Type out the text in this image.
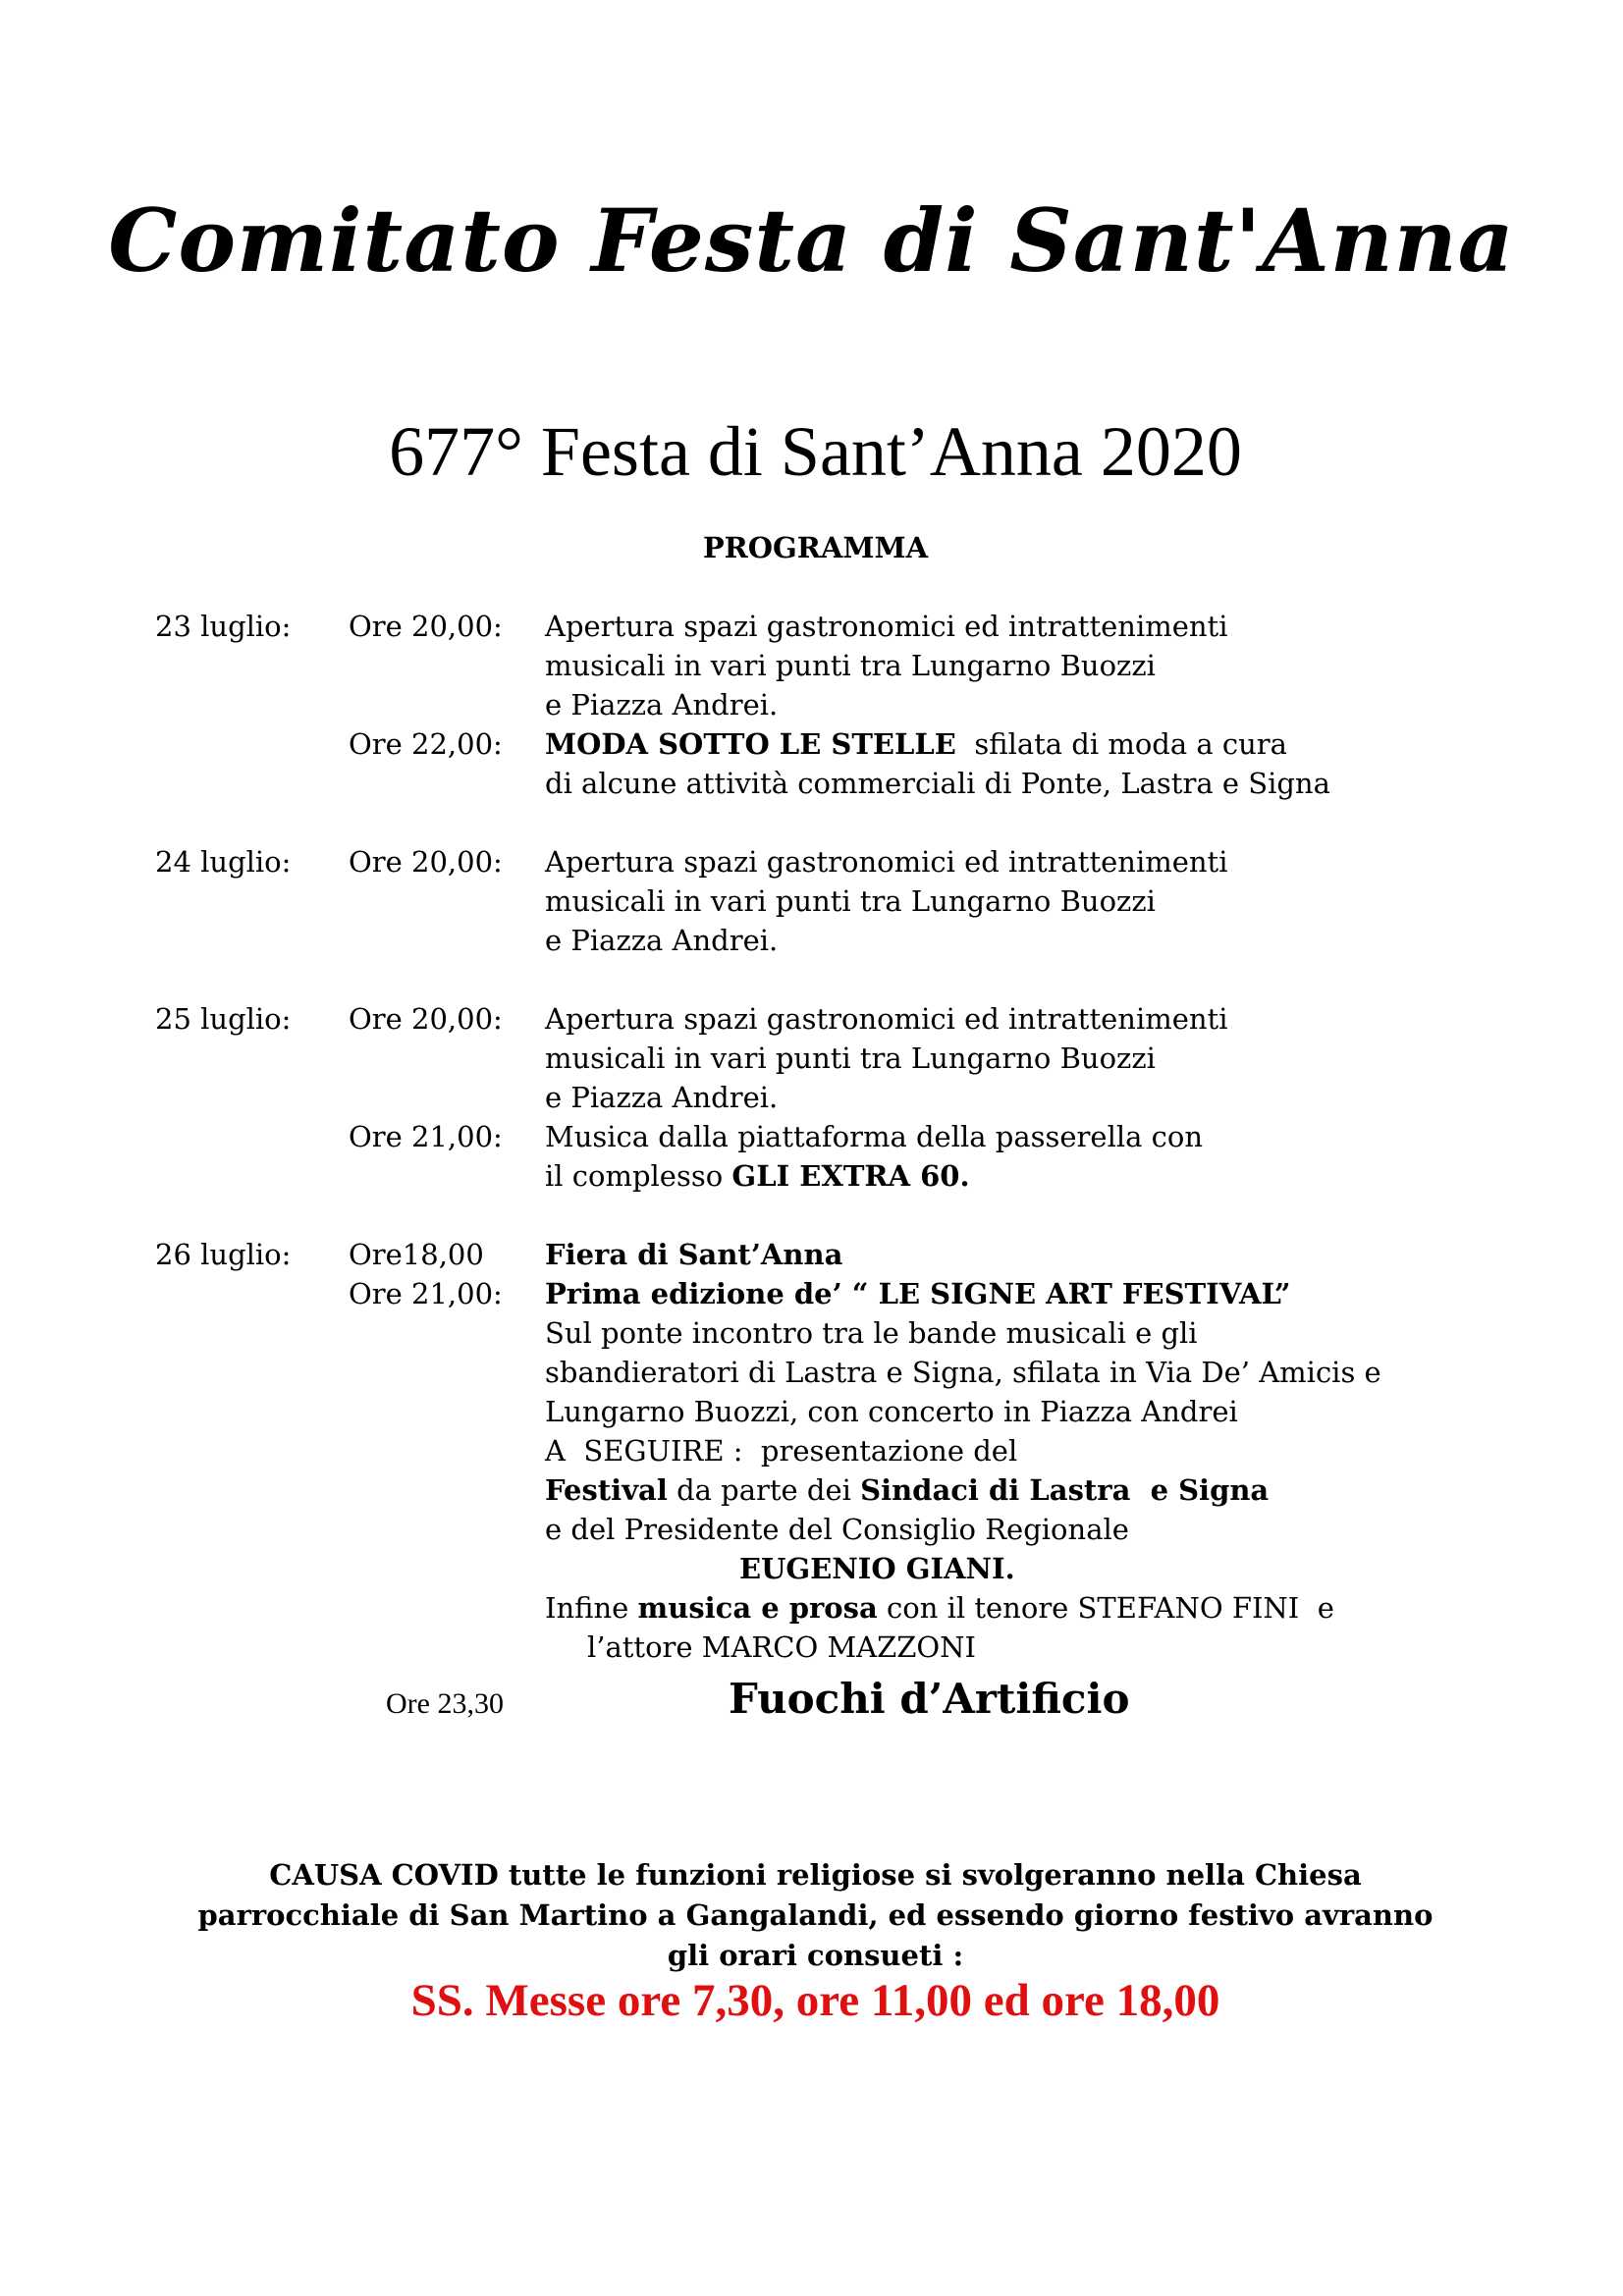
Comitato Festa di Sant'Anna
677° Festa di Sant’Anna 2020
PROGRAMMA
23 luglio: Ore 20,00: Apertura spazi gastronomici ed intrattenimenti
musicali in vari punti tra Lungarno Buozzi
e Piazza Andrei.
Ore 22,00: MODA SOTTO LE STELLE  sfilata di moda a cura
di alcune attività commerciali di Ponte, Lastra e Signa
24 luglio: Ore 20,00: Apertura spazi gastronomici ed intrattenimenti
musicali in vari punti tra Lungarno Buozzi
e Piazza Andrei.
25 luglio: Ore 20,00: Apertura spazi gastronomici ed intrattenimenti
musicali in vari punti tra Lungarno Buozzi
e Piazza Andrei.
Ore 21,00: Musica dalla piattaforma della passerella con
il complesso GLI EXTRA 60.
26 luglio: Ore18,00 Fiera di Sant’Anna
Ore 21,00: Prima edizione de’ “ LE SIGNE ART FESTIVAL”
Sul ponte incontro tra le bande musicali e gli
sbandieratori di Lastra e Signa, sfilata in Via De’ Amicis e
Lungarno Buozzi, con concerto in Piazza Andrei
A  SEGUIRE :  presentazione del
Festival da parte dei Sindaci di Lastra  e Signa
e del Presidente del Consiglio Regionale
EUGENIO GIANI.
Infine musica e prosa con il tenore STEFANO FINI  e
l’attore MARCO MAZZONI
Ore 23,30	Fuochi d’Artificio
CAUSA COVID tutte le funzioni religiose si svolgeranno nella Chiesa
parrocchiale di San Martino a Gangalandi, ed essendo giorno festivo avranno
gli orari consueti :
SS. Messe ore 7,30, ore 11,00 ed ore 18,00
